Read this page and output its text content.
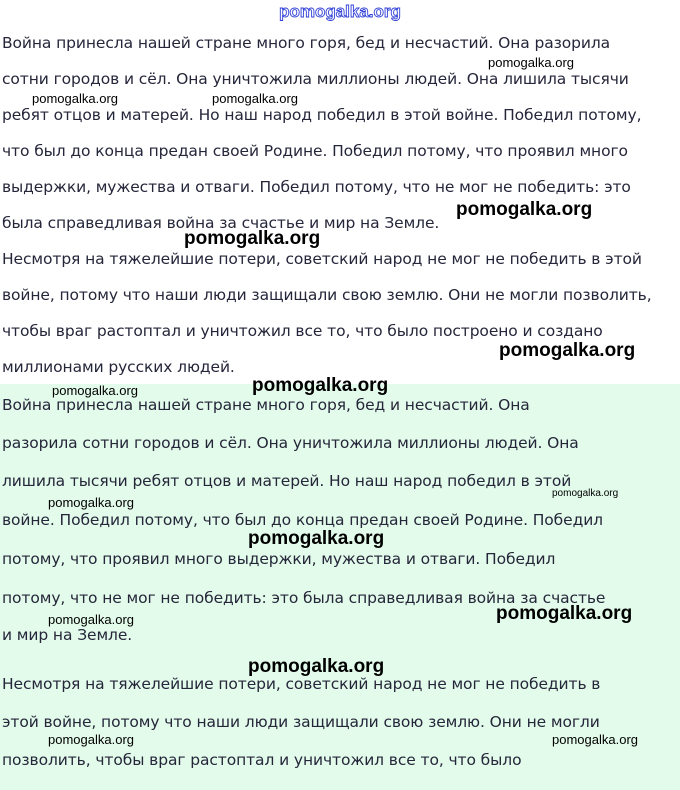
pomogalka.org
Война принесла нашей стране много горя, бед и несчастий. Она разорила
сотни городов и сёл. Она уничтожила миллионы людей. Она лишила тысячи
ребят отцов и матерей. Но наш народ победил в этой войне. Победил потому,
что был до конца предан своей Родине. Победил потому, что проявил много
выдержки, мужества и отваги. Победил потому, что не мог не победить: это
была справедливая война за счастье и мир на Земле.
Несмотря на тяжелейшие потери, советский народ не мог не победить в этой
войне, потому что наши люди защищали свою землю. Они не могли позволить,
чтобы враг растоптал и уничтожил все то, что было построено и создано
миллионами русских людей.
Война принесла нашей стране много горя, бед и несчастий. Она
разорила сотни городов и сёл. Она уничтожила миллионы людей. Она
лишила тысячи ребят отцов и матерей. Но наш народ победил в этой
войне. Победил потому, что был до конца предан своей Родине. Победил
потому, что проявил много выдержки, мужества и отваги. Победил
потому, что не мог не победить: это была справедливая война за счастье
и мир на Земле.
Несмотря на тяжелейшие потери, советский народ не мог не победить в
этой войне, потому что наши люди защищали свою землю. Они не могли
позволить, чтобы враг растоптал и уничтожил все то, что было
pomogalka.org
pomogalka.org	pomogalka.org
pomogalka.org
pomogalka.org
pomogalka.org
pomogalka.org
pomogalka.org
pomogalka.org
pomogalka.org
pomogalka.org
pomogalka.org	pomogalka.org
pomogalka.org
pomogalka.org	pomogalka.org
